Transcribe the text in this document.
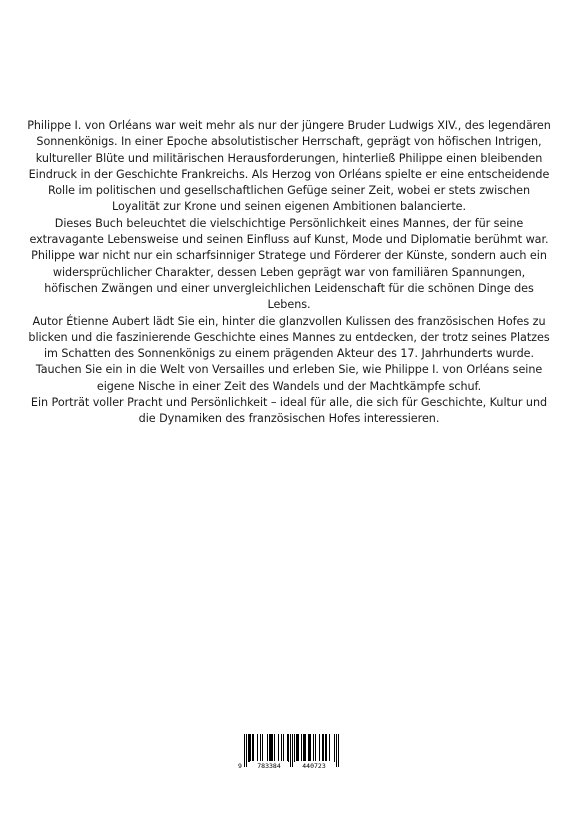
Philippe I. von Orléans war weit mehr als nur der jüngere Bruder Ludwigs XIV., des legendären Sonnenkönigs. In einer Epoche absolutistischer Herrschaft, geprägt von höfischen Intrigen, kultureller Blüte und militärischen Herausforderungen, hinterließ Philippe einen bleibenden Eindruck in der Geschichte Frankreichs. Als Herzog von Orléans spielte er eine entscheidende Rolle im politischen und gesellschaftlichen Gefüge seiner Zeit, wobei er stets zwischen Loyalität zur Krone und seinen eigenen Ambitionen balancierte.

Dieses Buch beleuchtet die vielschichtige Persönlichkeit eines Mannes, der für seine extravagante Lebensweise und seinen Einfluss auf Kunst, Mode und Diplomatie berühmt war. Philippe war nicht nur ein scharfsinniger Stratege und Förderer der Künste, sondern auch ein widersprüchlicher Charakter, dessen Leben geprägt war von familiären Spannungen, höfischen Zwängen und einer unvergleichlichen Leidenschaft für die schönen Dinge des Lebens.

Autor Étienne Aubert lädt Sie ein, hinter die glanzvollen Kulissen des französischen Hofes zu blicken und die faszinierende Geschichte eines Mannes zu entdecken, der trotz seines Platzes im Schatten des Sonnenkönigs zu einem prägenden Akteur des 17. Jahrhunderts wurde. Tauchen Sie ein in die Welt von Versailles und erleben Sie, wie Philippe I. von Orléans seine eigene Nische in einer Zeit des Wandels und der Machtkämpfe schuf.

Ein Porträt voller Pracht und Persönlichkeit – ideal für alle, die sich für Geschichte, Kultur und die Dynamiken des französischen Hofes interessieren.

9	783384	440723
